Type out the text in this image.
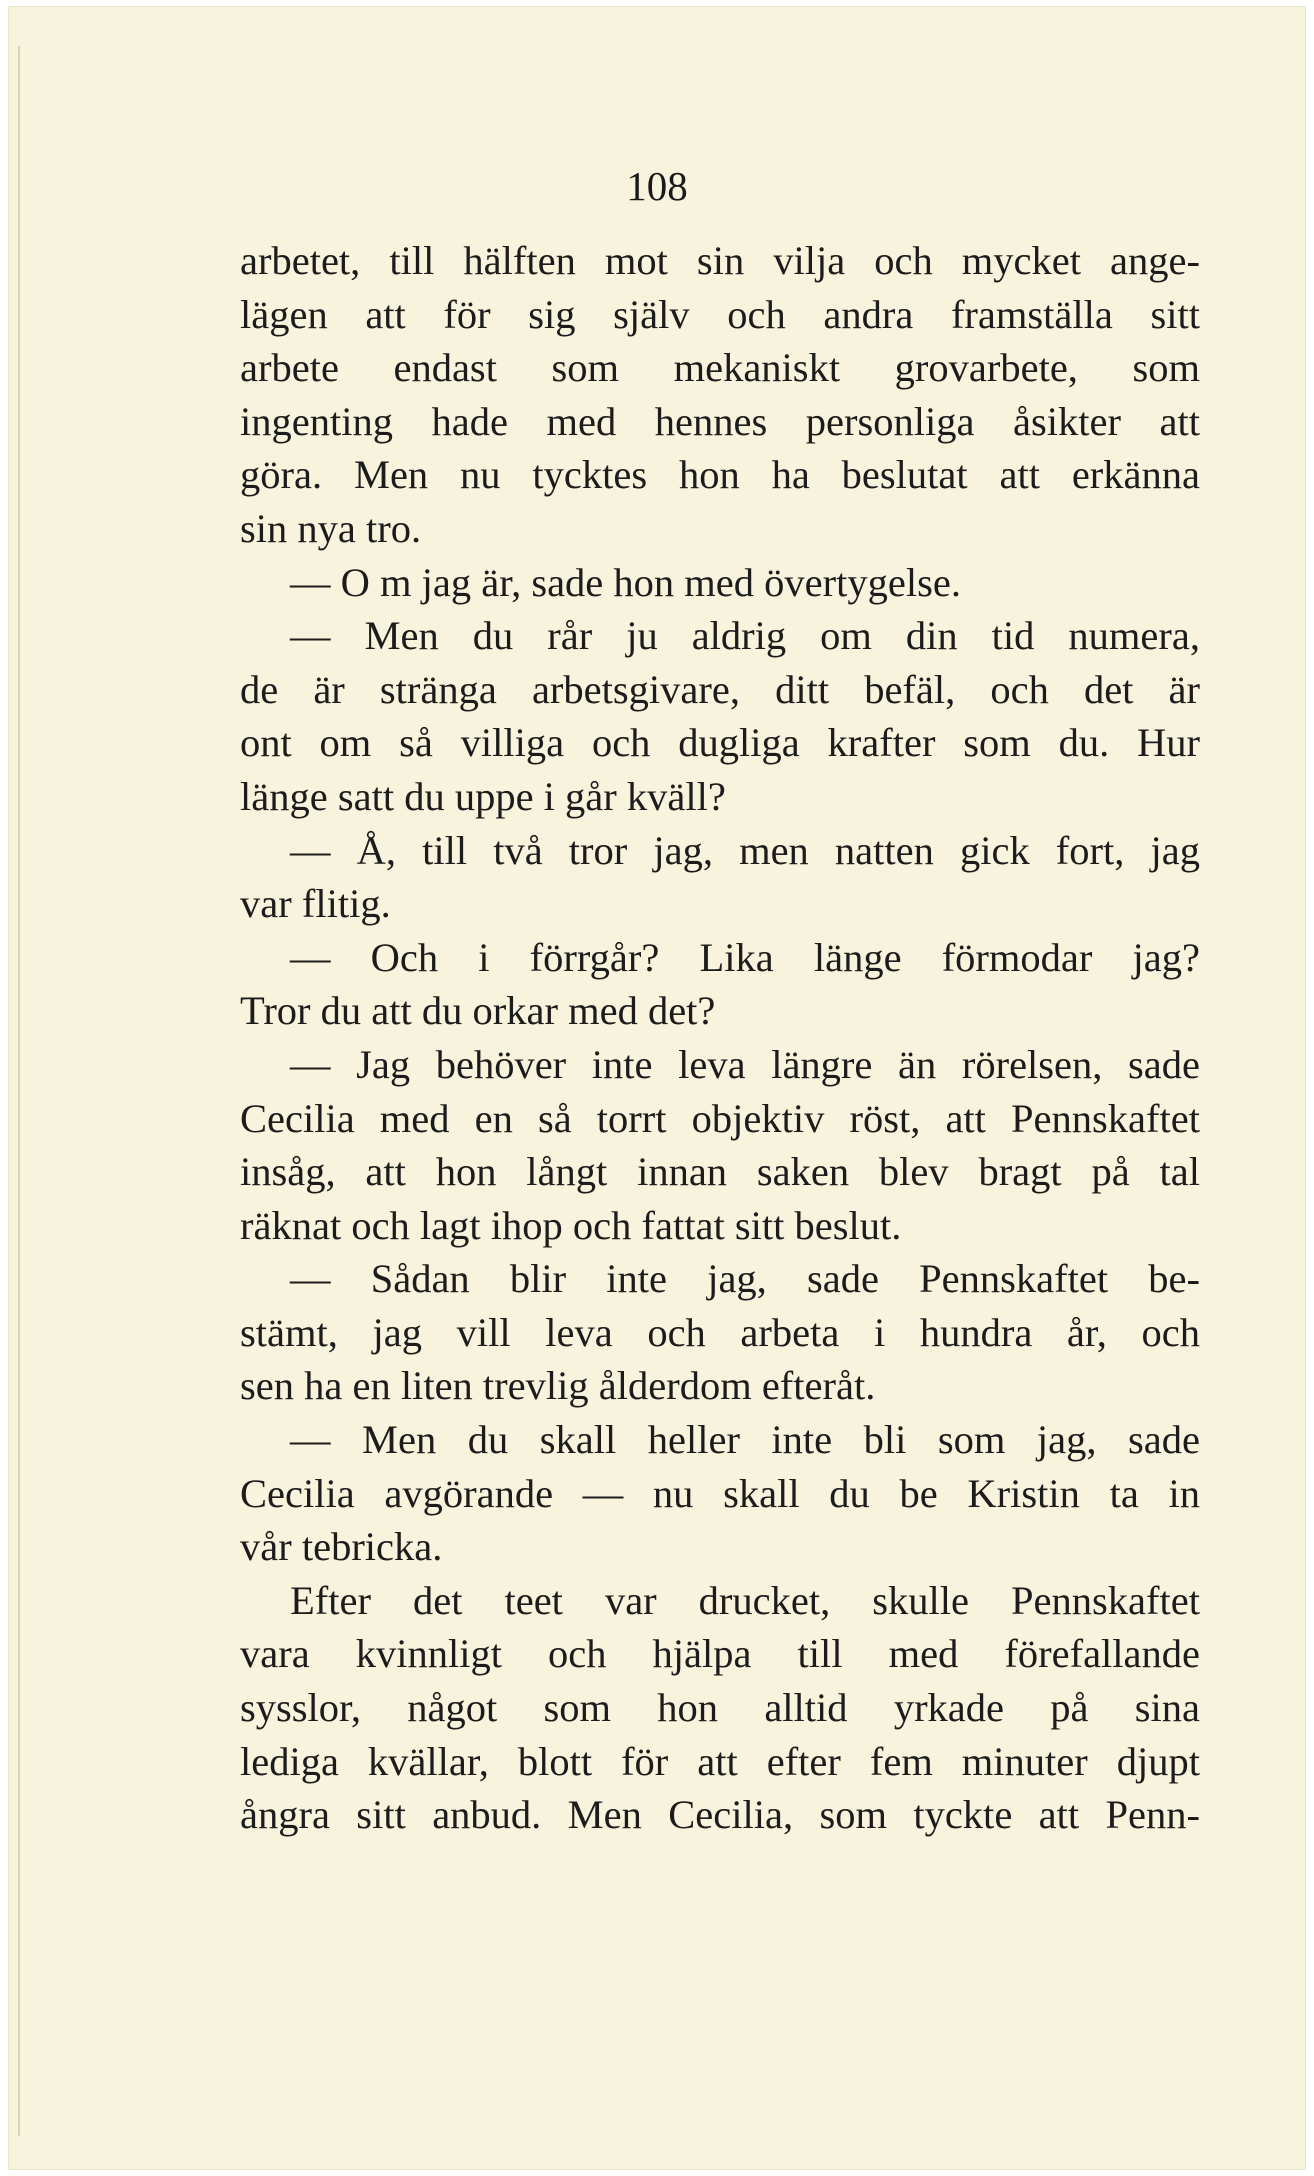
108
arbetet, till hälften mot sin vilja och mycket ange-
lägen att för sig själv och andra framställa sitt
arbete endast som mekaniskt grovarbete, som
ingenting hade med hennes personliga åsikter att
göra. Men nu tycktes hon ha beslutat att erkänna
sin nya tro.
— O m jag är, sade hon med övertygelse.
— Men du rår ju aldrig om din tid numera,
de är stränga arbetsgivare, ditt befäl, och det är
ont om så villiga och dugliga krafter som du. Hur
länge satt du uppe i går kväll?
— Å, till två tror jag, men natten gick fort, jag
var flitig.
— Och i förrgår? Lika länge förmodar jag?
Tror du att du orkar med det?
— Jag behöver inte leva längre än rörelsen, sade
Cecilia med en så torrt objektiv röst, att Pennskaftet
insåg, att hon långt innan saken blev bragt på tal
räknat och lagt ihop och fattat sitt beslut.
— Sådan blir inte jag, sade Pennskaftet be-
stämt, jag vill leva och arbeta i hundra år, och
sen ha en liten trevlig ålderdom efteråt.
— Men du skall heller inte bli som jag, sade
Cecilia avgörande — nu skall du be Kristin ta in
vår tebricka.
Efter det teet var drucket, skulle Pennskaftet
vara kvinnligt och hjälpa till med förefallande
sysslor, något som hon alltid yrkade på sina
lediga kvällar, blott för att efter fem minuter djupt
ångra sitt anbud. Men Cecilia, som tyckte att Penn-
